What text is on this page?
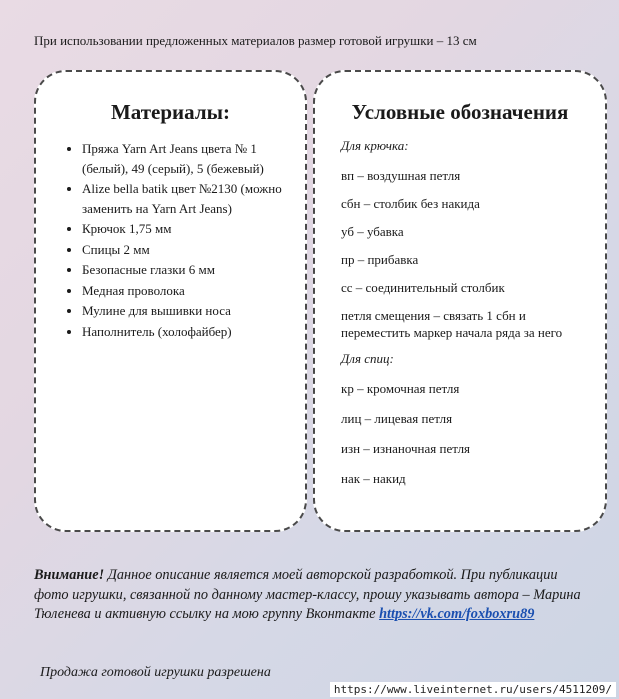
При использовании предложенных материалов размер готовой игрушки – 13 см
Материалы:
• Пряжа Yarn Art Jeans цвета № 1 (белый), 49 (серый), 5 (бежевый)
• Alize bella batik цвет №2130 (можно заменить на Yarn Art Jeans)
• Крючок 1,75 мм
• Спицы 2 мм
• Безопасные глазки 6 мм
• Медная проволока
• Мулине для вышивки носа
• Наполнитель (холофайбер)
Условные обозначения
Для крючка:
вп – воздушная петля
сбн – столбик без накида
уб – убавка
пр – прибавка
сс – соединительный столбик
петля смещения – связать 1 сбн и переместить маркер начала ряда за него
Для спиц:
кр – кромочная петля
лиц – лицевая петля
изн – изнаночная петля
нак – накид
Внимание! Данное описание является моей авторской разработкой. При публикации фото игрушки, связанной по данному мастер-классу, прошу указывать автора – Марина Тюленева и активную ссылку на мою группу Вконтакте https://vk.com/foxboxru89
Продажа готовой игрушки разрешена
https://www.liveinternet.ru/users/4511209/
